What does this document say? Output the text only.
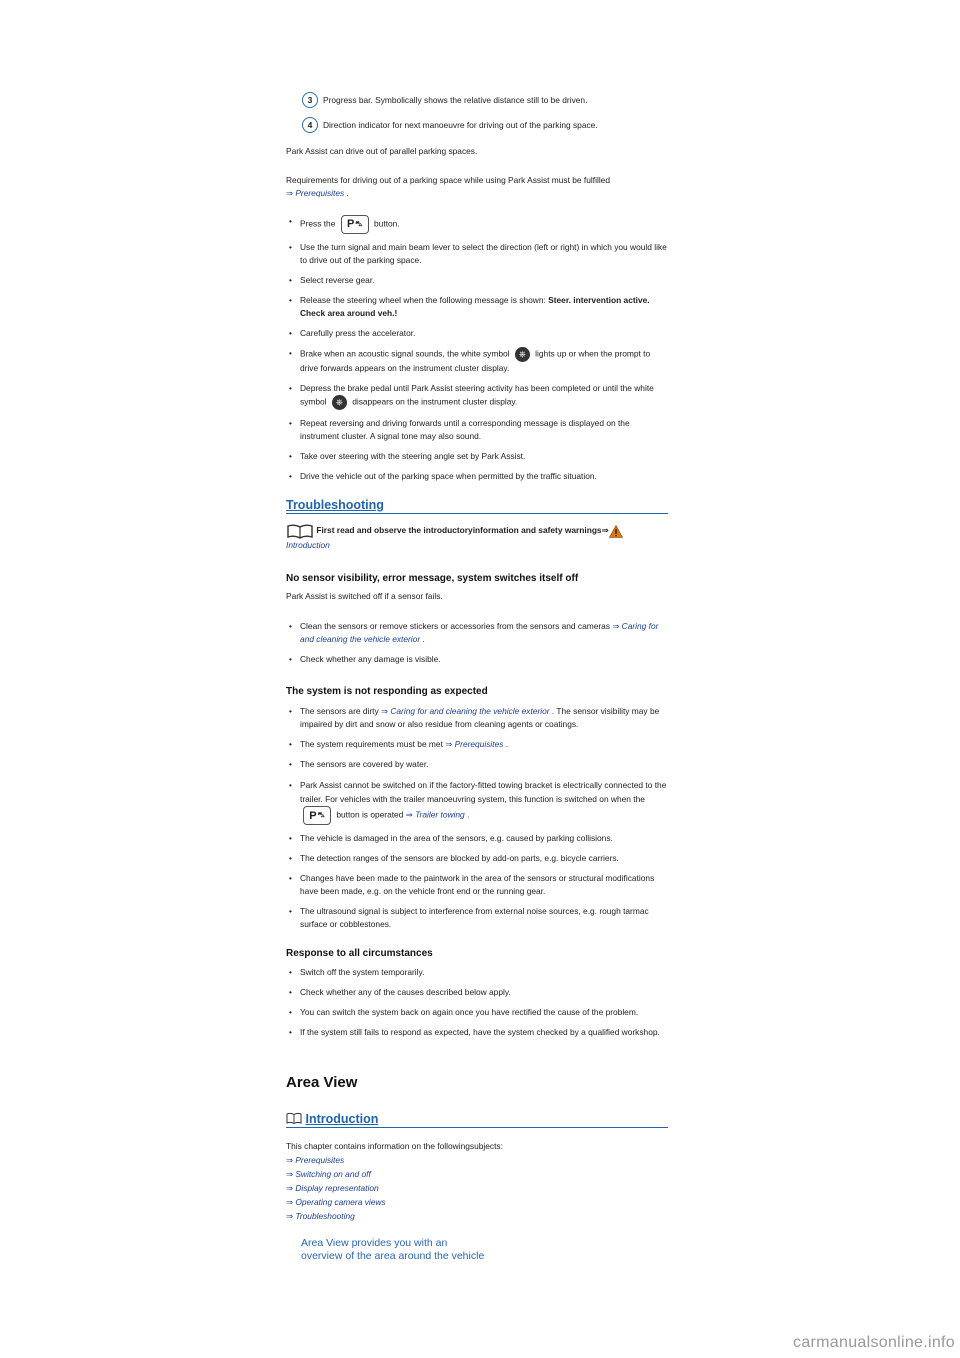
3	Progress bar. Symbolically shows the relative distance still to be driven.
4	Direction indicator for next manoeuvre for driving out of the parking space.
Park Assist can drive out of parallel parking spaces.
Requirements for driving out of a parking space while using Park Assist must be fulfilled
⇒ Prerequisites .
• Press the P ⛍ button.
• Use the turn signal and main beam lever to select the direction (left or right) in which you would like to drive out of the parking space.
• Select reverse gear.
• Release the steering wheel when the following message is shown: Steer. intervention active. Check area around veh.!
• Carefully press the accelerator.
• Brake when an acoustic signal sounds, the white symbol ⎈ lights up or when the prompt to drive forwards appears on the instrument cluster display.
• Depress the brake pedal until Park Assist steering activity has been completed or until the white symbol ⎈ disappears on the instrument cluster display.
• Repeat reversing and driving forwards until a corresponding message is displayed on the instrument cluster. A signal tone may also sound.
• Take over steering with the steering angle set by Park Assist.
• Drive the vehicle out of the parking space when permitted by the traffic situation.
Troubleshooting
First read and observe the introductoryinformation and safety warnings⇒
Introduction
No sensor visibility, error message, system switches itself off
Park Assist is switched off if a sensor fails.
• Clean the sensors or remove stickers or accessories from the sensors and cameras ⇒ Caring for and cleaning the vehicle exterior .
• Check whether any damage is visible.
The system is not responding as expected
• The sensors are dirty ⇒ Caring for and cleaning the vehicle exterior . The sensor visibility may be impaired by dirt and snow or also residue from cleaning agents or coatings.
• The system requirements must be met ⇒ Prerequisites .
• The sensors are covered by water.
• Park Assist cannot be switched on if the factory-fitted towing bracket is electrically connected to the trailer. For vehicles with the trailer manoeuvring system, this function is switched on when the
P ⛍ button is operated ⇒ Trailer towing .
• The vehicle is damaged in the area of the sensors, e.g. caused by parking collisions.
• The detection ranges of the sensors are blocked by add-on parts, e.g. bicycle carriers.
• Changes have been made to the paintwork in the area of the sensors or structural modifications have been made, e.g. on the vehicle front end or the running gear.
• The ultrasound signal is subject to interference from external noise sources, e.g. rough tarmac surface or cobblestones.
Response to all circumstances
• Switch off the system temporarily.
• Check whether any of the causes described below apply.
• You can switch the system back on again once you have rectified the cause of the problem.
• If the system still fails to respond as expected, have the system checked by a qualified workshop.
Area View
Introduction
This chapter contains information on the followingsubjects:
⇒ Prerequisites
⇒ Switching on and off
⇒ Display representation
⇒ Operating camera views
⇒ Troubleshooting
Area View provides you with an
overview of the area around the vehicle
carmanualsonline.info
